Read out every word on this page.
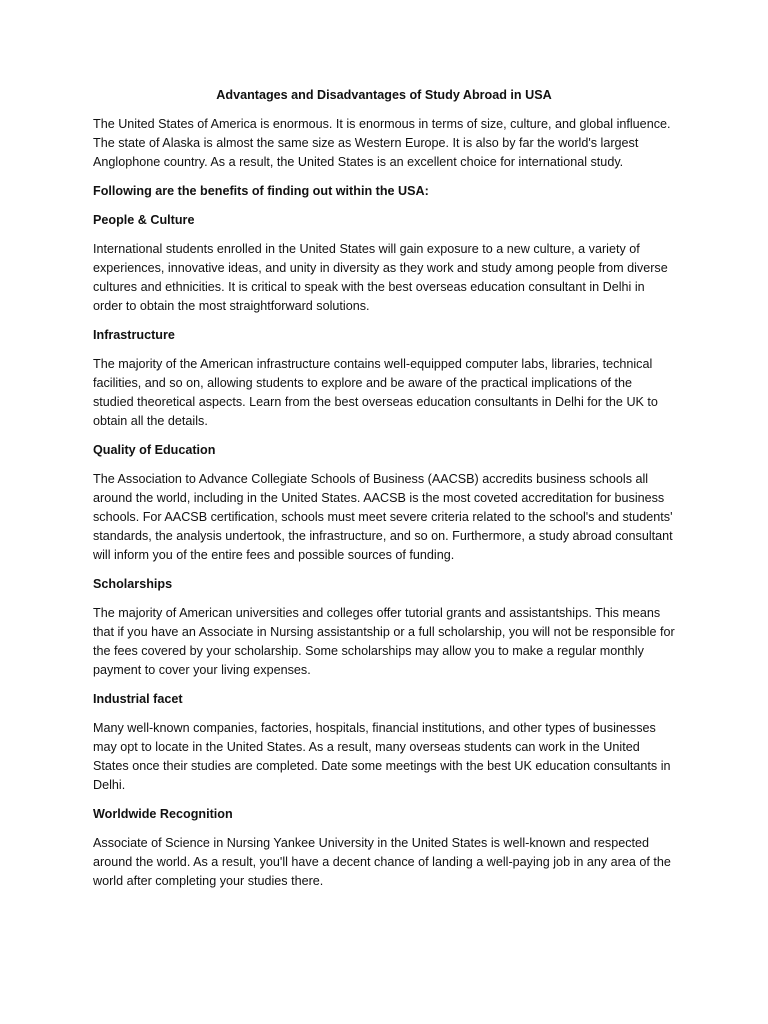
Advantages and Disadvantages of Study Abroad in USA

The United States of America is enormous. It is enormous in terms of size, culture, and global influence. The state of Alaska is almost the same size as Western Europe. It is also by far the world's largest Anglophone country. As a result, the United States is an excellent choice for international study.

Following are the benefits of finding out within the USA:
People & Culture

International students enrolled in the United States will gain exposure to a new culture, a variety of experiences, innovative ideas, and unity in diversity as they work and study among people from diverse cultures and ethnicities. It is critical to speak with the best overseas education consultant in Delhi in order to obtain the most straightforward solutions.

Infrastructure

The majority of the American infrastructure contains well-equipped computer labs, libraries, technical facilities, and so on, allowing students to explore and be aware of the practical implications of the studied theoretical aspects. Learn from the best overseas education consultants in Delhi for the UK to obtain all the details.

Quality of Education

The Association to Advance Collegiate Schools of Business (AACSB) accredits business schools all around the world, including in the United States. AACSB is the most coveted accreditation for business schools. For AACSB certification, schools must meet severe criteria related to the school's and students' standards, the analysis undertook, the infrastructure, and so on. Furthermore, a study abroad consultant will inform you of the entire fees and possible sources of funding.

Scholarships

The majority of American universities and colleges offer tutorial grants and assistantships. This means that if you have an Associate in Nursing assistantship or a full scholarship, you will not be responsible for the fees covered by your scholarship. Some scholarships may allow you to make a regular monthly payment to cover your living expenses.

Industrial facet

Many well-known companies, factories, hospitals, financial institutions, and other types of businesses may opt to locate in the United States. As a result, many overseas students can work in the United States once their studies are completed. Date some meetings with the best UK education consultants in Delhi.

Worldwide Recognition

Associate of Science in Nursing Yankee University in the United States is well-known and respected around the world. As a result, you'll have a decent chance of landing a well-paying job in any area of the world after completing your studies there.
